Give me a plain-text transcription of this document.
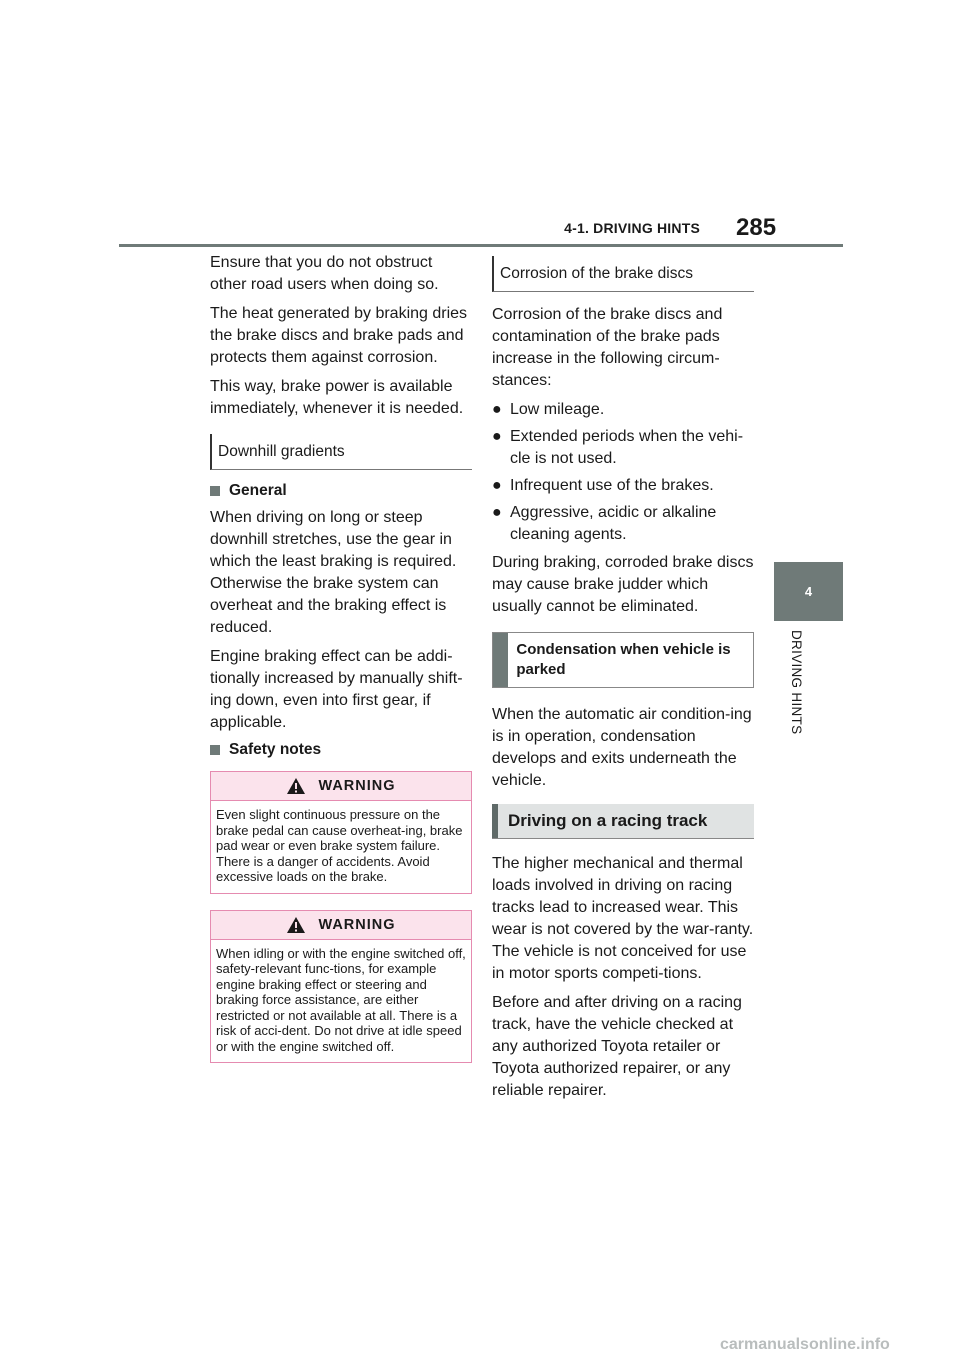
4-1. DRIVING HINTS 285
4
DRIVING HINTS

Ensure that you do not obstruct other road users when doing so.

The heat generated by braking dries the brake discs and brake pads and protects them against corrosion.

This way, brake power is available immediately, whenever it is needed.

Downhill gradients
General

When driving on long or steep downhill stretches, use the gear in which the least braking is required. Otherwise the brake system can overheat and the braking effect is reduced.

Engine braking effect can be addi-tionally increased by manually shift-ing down, even into first gear, if applicable.

Safety notes
WARNING
Even slight continuous pressure on the brake pedal can cause overheat-ing, brake pad wear or even brake system failure. There is a danger of accidents. Avoid excessive loads on the brake.
WARNING
When idling or with the engine switched off, safety-relevant func-tions, for example engine braking effect or steering and braking force assistance, are either restricted or not available at all. There is a risk of acci-dent. Do not drive at idle speed or with the engine switched off.
Corrosion of the brake discs

Corrosion of the brake discs and contamination of the brake pads increase in the following circum-stances:

● Low mileage.
● Extended periods when the vehi-cle is not used.
● Infrequent use of the brakes.
● Aggressive, acidic or alkaline cleaning agents.

During braking, corroded brake discs may cause brake judder which usually cannot be eliminated.

Condensation when vehicle is parked

When the automatic air condition-ing is in operation, condensation develops and exits underneath the vehicle.

Driving on a racing track

The higher mechanical and thermal loads involved in driving on racing tracks lead to increased wear. This wear is not covered by the war-ranty. The vehicle is not conceived for use in motor sports competi-tions.

Before and after driving on a racing track, have the vehicle checked at any authorized Toyota retailer or Toyota authorized repairer, or any reliable repairer.

carmanualsonline.info
